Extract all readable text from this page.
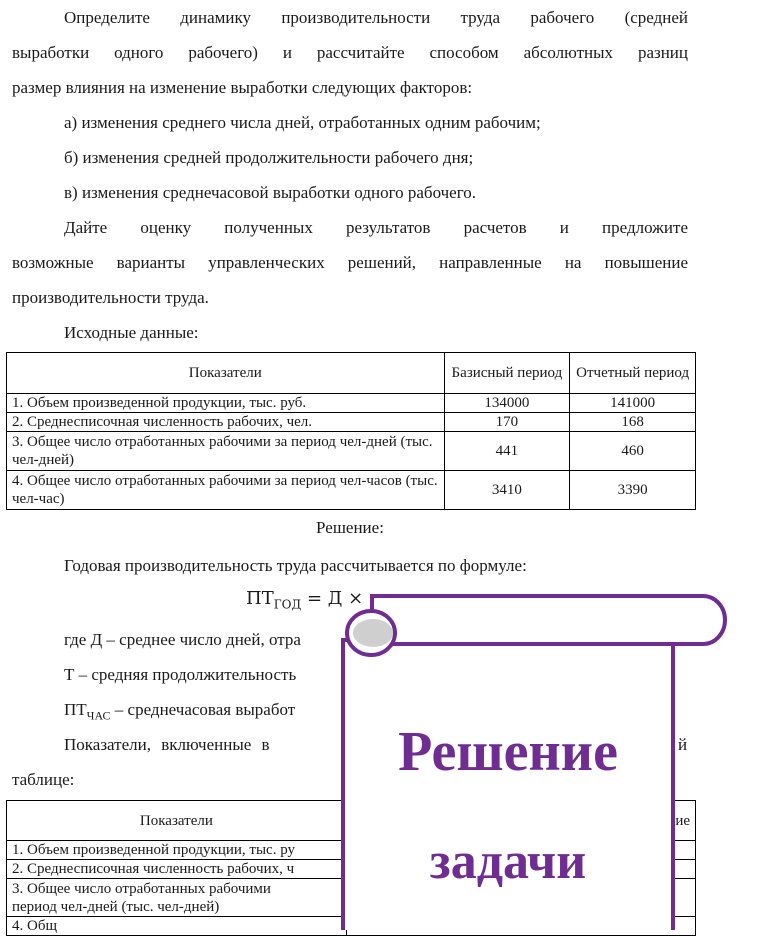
Определите динамику производительности труда рабочего (средней
выработки одного рабочего) и рассчитайте способом абсолютных разниц
размер влияния на изменение выработки следующих факторов:
а) изменения среднего числа дней, отработанных одним рабочим;
б) изменения средней продолжительности рабочего дня;
в) изменения среднечасовой выработки одного рабочего.
Дайте оценку полученных результатов расчетов и предложите
возможные варианты управленческих решений, направленные на повышение
производительности труда.
Исходные данные:
Показатели	Базисный период	Отчетный период
1. Объем произведенной продукции, тыс. руб.	134000	141000
2. Среднесписочная численность рабочих, чел.	170	168
3. Общее число отработанных рабочими за период чел-дней (тыс. чел-дней)	441	460
4. Общее число отработанных рабочими за период чел-часов (тыс. чел-час)	3410	3390
Решение:
Годовая производительность труда рассчитывается по формуле:
$ПТ_{ГОД} = Д$ ×
где Д – среднее число дней, отра
Т – средняя продолжительность
$ПТ_{ЧАС}$ – среднечасовая выработ
Показатели, включенные в	й
таблице:
Показатели	ие
1. Объем произведенной продукции, тыс. ру	
2. Среднесписочная численность рабочих, ч	

3. Общее число отработанных рабочими
период чел-дней (тыс. чел-дней)	

4. Общ	
Решение
задачи
